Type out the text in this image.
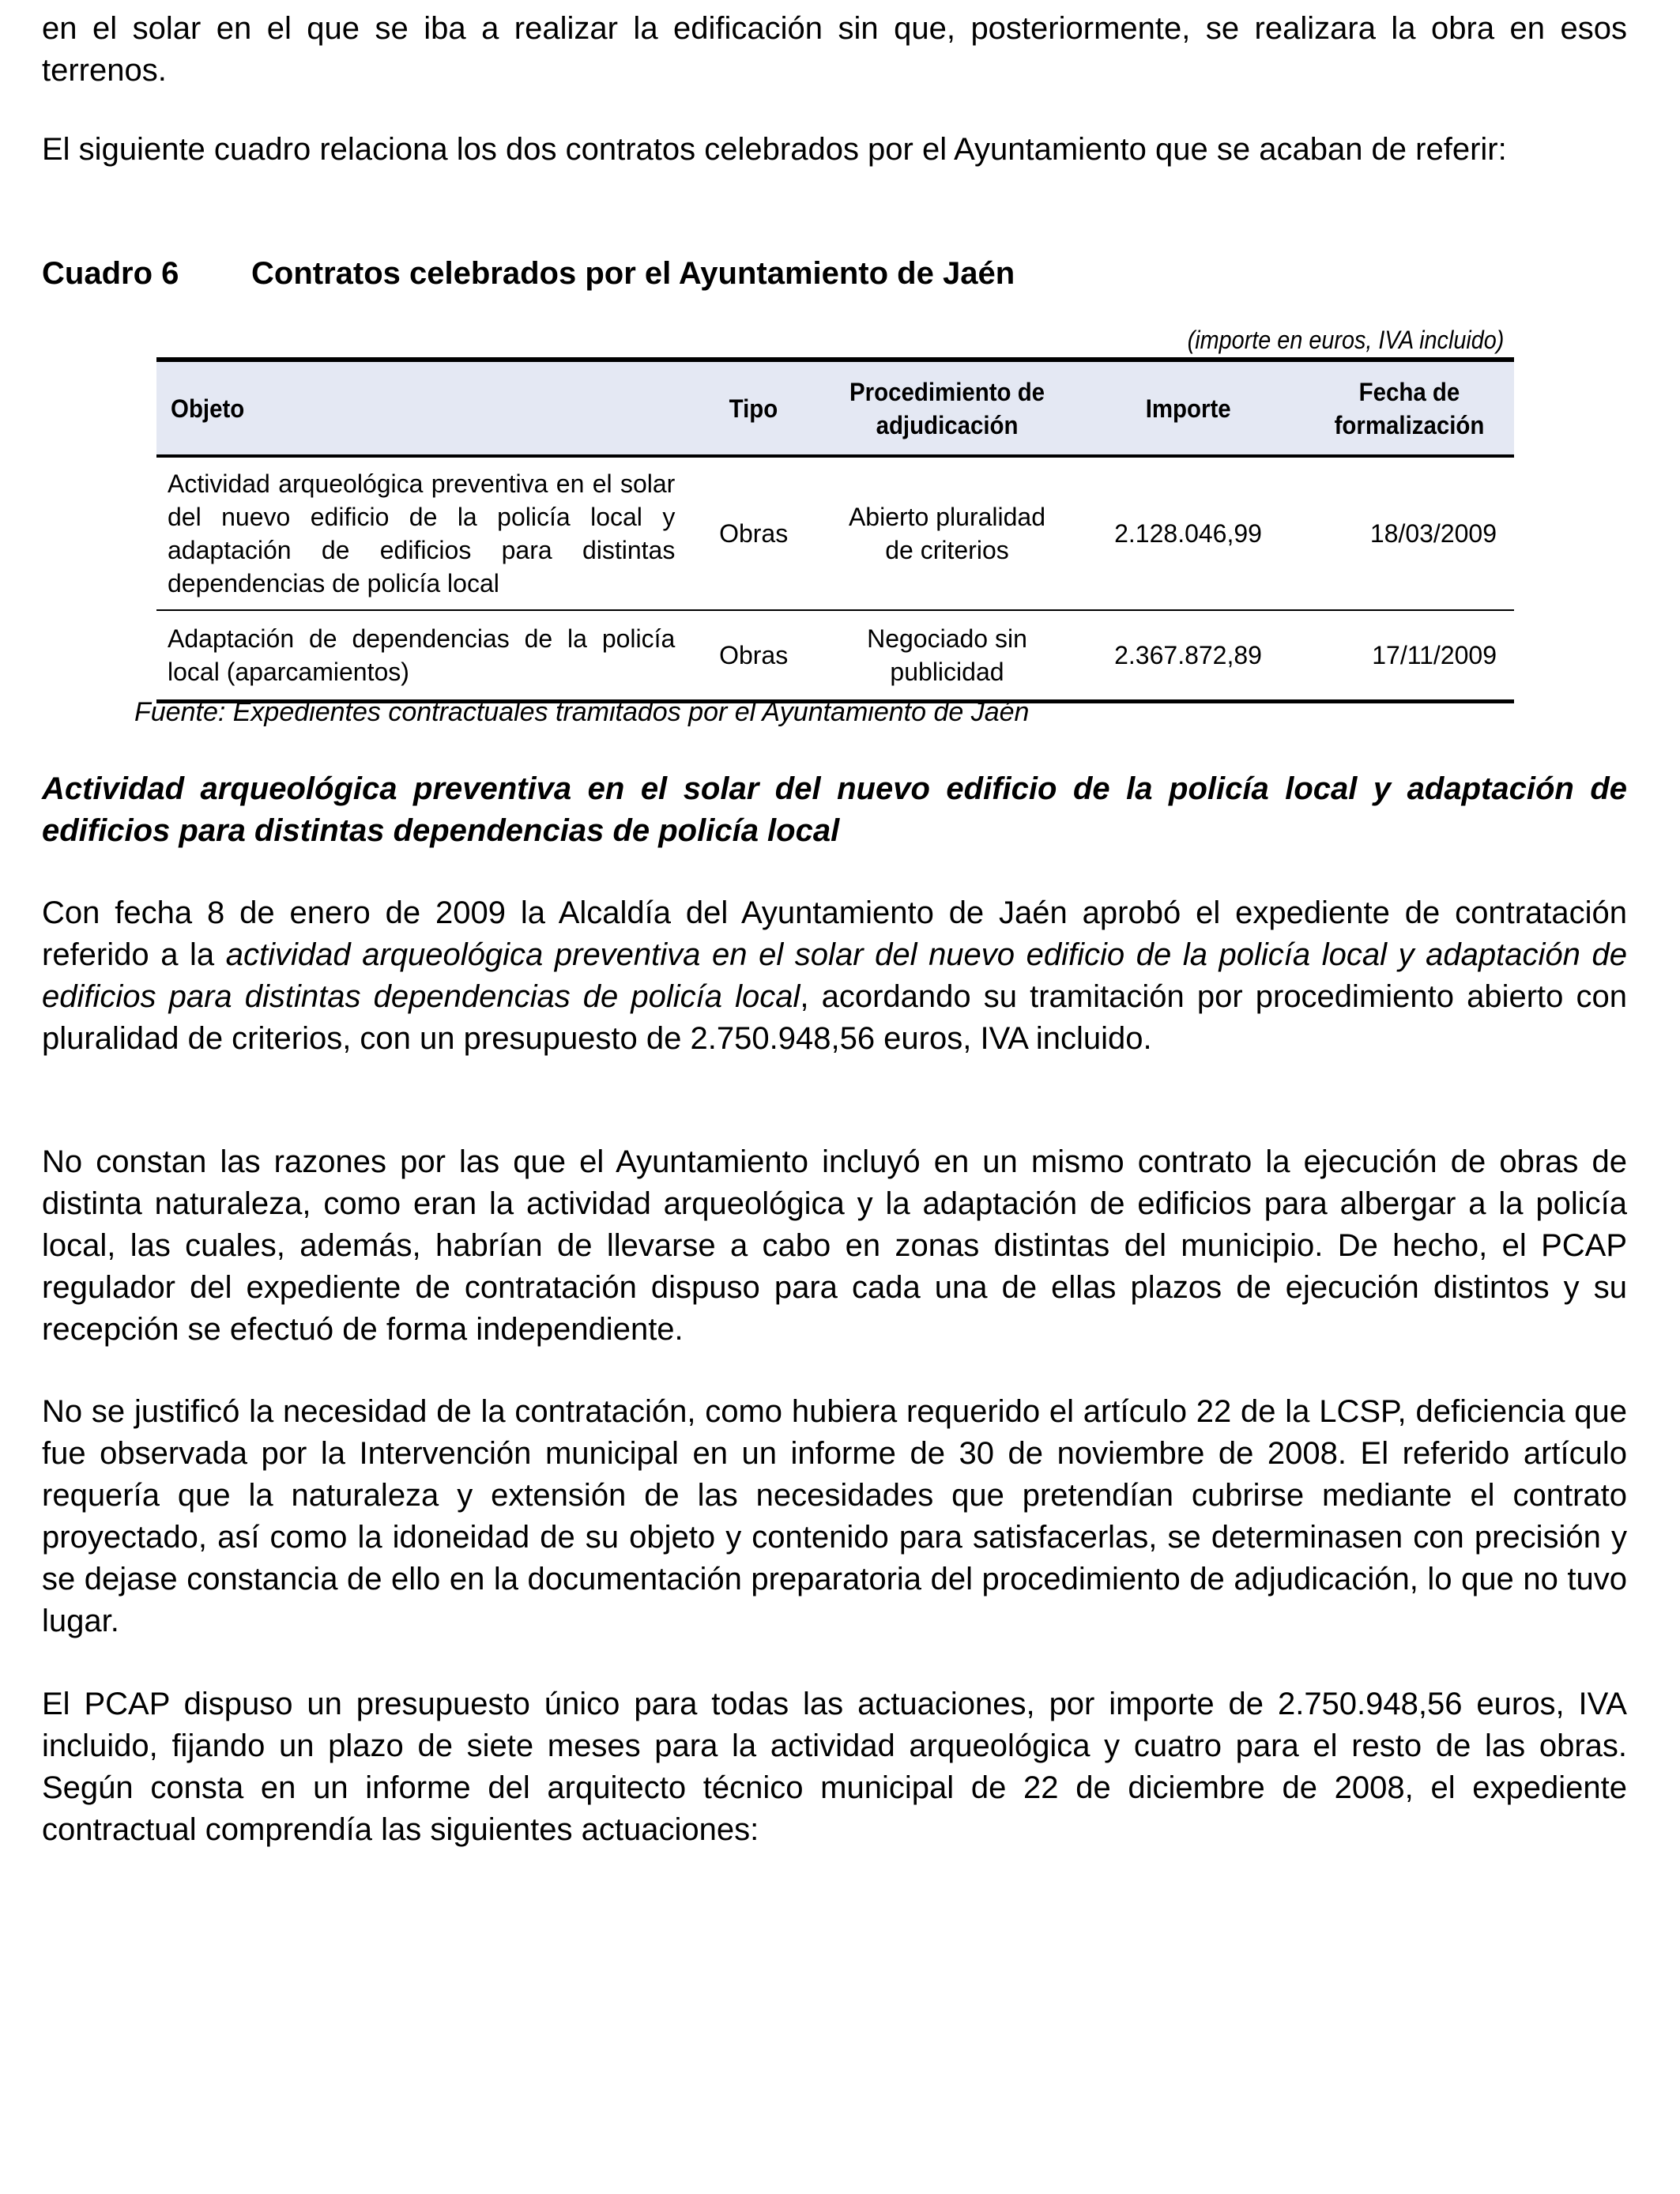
en el solar en el que se iba a realizar la edificación sin que, posteriormente, se realizara la obra en esos terrenos.

El siguiente cuadro relaciona los dos contratos celebrados por el Ayuntamiento que se acaban de referir:

Cuadro 6 Contratos celebrados por el Ayuntamiento de Jaén
(importe en euros, IVA incluido)
Objeto	Tipo	Procedimiento de adjudicación	Importe	Fecha de formalización
Actividad arqueológica preventiva en el solar del nuevo edificio de la policía local y adaptación de edificios para distintas dependencias de policía local	Obras	Abierto pluralidad de criterios	2.128.046,99	18/03/2009
Adaptación de dependencias de la policía local (aparcamientos)	Obras	Negociado sin publicidad	2.367.872,89	17/11/2009
Fuente: Expedientes contractuales tramitados por el Ayuntamiento de Jaén

Actividad arqueológica preventiva en el solar del nuevo edificio de la policía local y adaptación de edificios para distintas dependencias de policía local

Con fecha 8 de enero de 2009 la Alcaldía del Ayuntamiento de Jaén aprobó el expediente de contratación referido a la actividad arqueológica preventiva en el solar del nuevo edificio de la policía local y adaptación de edificios para distintas dependencias de policía local, acordando su tramitación por procedimiento abierto con pluralidad de criterios, con un presupuesto de 2.750.948,56 euros, IVA incluido.

No constan las razones por las que el Ayuntamiento incluyó en un mismo contrato la ejecución de obras de distinta naturaleza, como eran la actividad arqueológica y la adaptación de edificios para albergar a la policía local, las cuales, además, habrían de llevarse a cabo en zonas distintas del municipio. De hecho, el PCAP regulador del expediente de contratación dispuso para cada una de ellas plazos de ejecución distintos y su recepción se efectuó de forma independiente.

No se justificó la necesidad de la contratación, como hubiera requerido el artículo 22 de la LCSP, deficiencia que fue observada por la Intervención municipal en un informe de 30 de noviembre de 2008. El referido artículo requería que la naturaleza y extensión de las necesidades que pretendían cubrirse mediante el contrato proyectado, así como la idoneidad de su objeto y contenido para satisfacerlas, se determinasen con precisión y se dejase constancia de ello en la documentación preparatoria del procedimiento de adjudicación, lo que no tuvo lugar.

El PCAP dispuso un presupuesto único para todas las actuaciones, por importe de 2.750.948,56 euros, IVA incluido, fijando un plazo de siete meses para la actividad arqueológica y cuatro para el resto de las obras. Según consta en un informe del arquitecto técnico municipal de 22 de diciembre de 2008, el expediente contractual comprendía las siguientes actuaciones:
